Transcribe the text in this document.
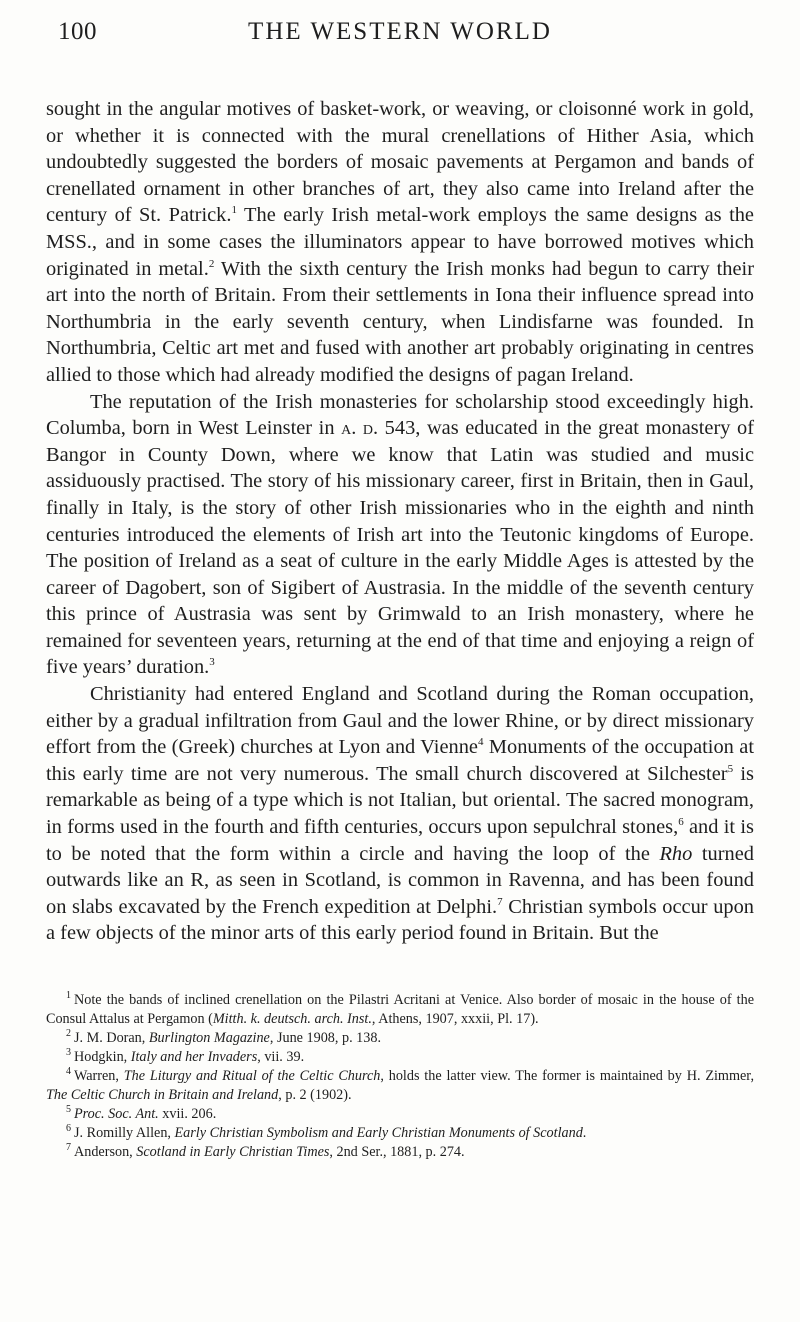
100	THE WESTERN WORLD

sought in the angular motives of basket-work, or weaving, or cloisonné work in gold, or whether it is connected with the mural crenellations of Hither Asia, which undoubtedly suggested the borders of mosaic pavements at Pergamon and bands of crenellated ornament in other branches of art, they also came into Ireland after the century of St. Patrick.$^1$ The early Irish metal-work employs the same designs as the MSS., and in some cases the illuminators appear to have borrowed motives which originated in metal.$^2$ With the sixth century the Irish monks had begun to carry their art into the north of Britain. From their settlements in Iona their influence spread into Northumbria in the early seventh century, when Lindisfarne was founded. In Northumbria, Celtic art met and fused with another art probably originating in centres allied to those which had already modified the designs of pagan Ireland.

The reputation of the Irish monasteries for scholarship stood exceedingly high. Columba, born in West Leinster in a. d. 543, was educated in the great monastery of Bangor in County Down, where we know that Latin was studied and music assiduously practised. The story of his missionary career, first in Britain, then in Gaul, finally in Italy, is the story of other Irish missionaries who in the eighth and ninth centuries introduced the elements of Irish art into the Teutonic kingdoms of Europe. The position of Ireland as a seat of culture in the early Middle Ages is attested by the career of Dagobert, son of Sigibert of Austrasia. In the middle of the seventh century this prince of Austrasia was sent by Grimwald to an Irish monastery, where he remained for seventeen years, returning at the end of that time and enjoying a reign of five years’ duration.$^3$

Christianity had entered England and Scotland during the Roman occupation, either by a gradual infiltration from Gaul and the lower Rhine, or by direct missionary effort from the (Greek) churches at Lyon and Vienne$^4$ Monuments of the occupation at this early time are not very numerous. The small church discovered at Silchester$^5$ is remarkable as being of a type which is not Italian, but oriental. The sacred monogram, in forms used in the fourth and fifth centuries, occurs upon sepulchral stones,$^6$ and it is to be noted that the form within a circle and having the loop of the Rho turned outwards like an R, as seen in Scotland, is common in Ravenna, and has been found on slabs excavated by the French expedition at Delphi.$^7$ Christian symbols occur upon a few objects of the minor arts of this early period found in Britain. But the

$^1$ Note the bands of inclined crenellation on the Pilastri Acritani at Venice. Also border of mosaic in the house of the Consul Attalus at Pergamon (Mitth. k. deutsch. arch. Inst., Athens, 1907, xxxii, Pl. 17).

$^2$ J. M. Doran, Burlington Magazine, June 1908, p. 138.

$^3$ Hodgkin, Italy and her Invaders, vii. 39.

$^4$ Warren, The Liturgy and Ritual of the Celtic Church, holds the latter view. The former is maintained by H. Zimmer, The Celtic Church in Britain and Ireland, p. 2 (1902).

$^5$ Proc. Soc. Ant. xvii. 206.

$^6$ J. Romilly Allen, Early Christian Symbolism and Early Christian Monuments of Scotland.

$^7$ Anderson, Scotland in Early Christian Times, 2nd Ser., 1881, p. 274.
